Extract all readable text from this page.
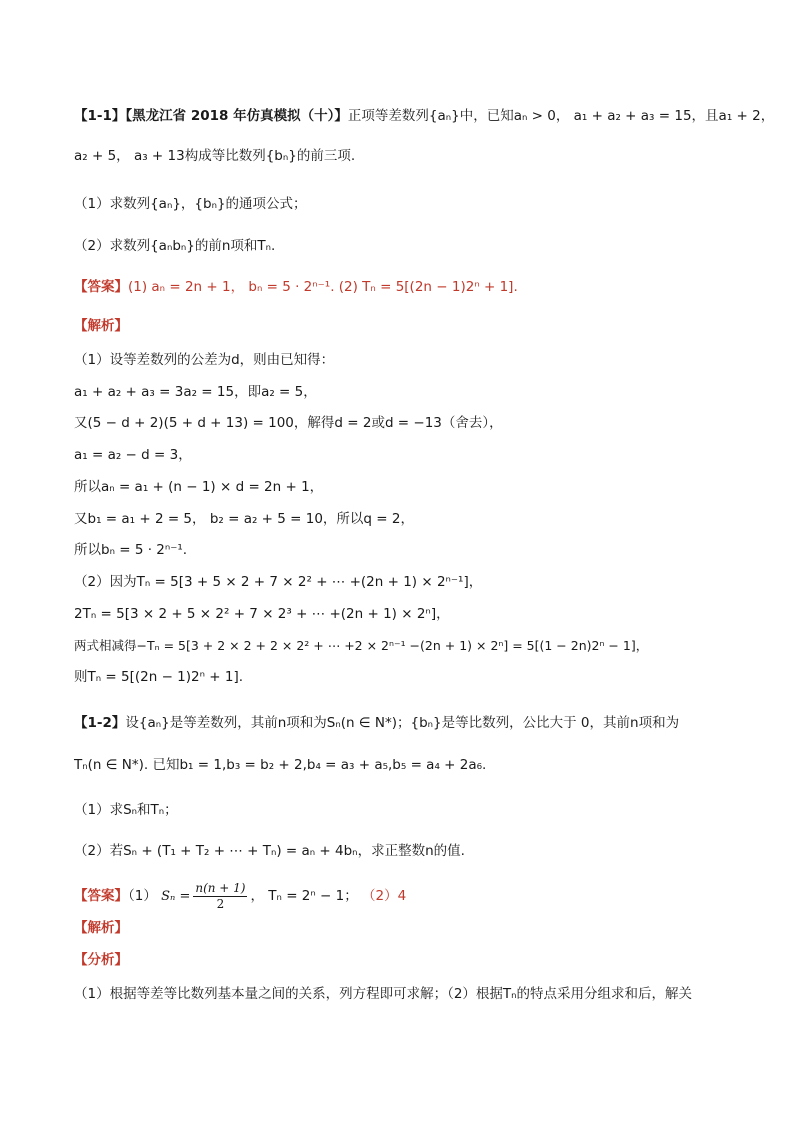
【1-1】【黑龙江省 2018 年仿真模拟（十）】正项等差数列{aₙ}中，已知aₙ > 0， a₁ + a₂ + a₃ = 15，且a₁ + 2，
a₂ + 5， a₃ + 13构成等比数列{bₙ}的前三项.
（1）求数列{aₙ}，{bₙ}的通项公式；
（2）求数列{aₙbₙ}的前n项和Tₙ.
【答案】(1) aₙ = 2n + 1， bₙ = 5 · 2ⁿ⁻¹. (2) Tₙ = 5[(2n − 1)2ⁿ + 1].
【解析】
（1）设等差数列的公差为d，则由已知得：
a₁ + a₂ + a₃ = 3a₂ = 15，即a₂ = 5，
又(5 − d + 2)(5 + d + 13) = 100，解得d = 2或d = −13（舍去），
a₁ = a₂ − d = 3，
所以aₙ = a₁ + (n − 1) × d = 2n + 1，
又b₁ = a₁ + 2 = 5， b₂ = a₂ + 5 = 10，所以q = 2，
所以bₙ = 5 · 2ⁿ⁻¹.
（2）因为Tₙ = 5[3 + 5 × 2 + 7 × 2² + ⋯ +(2n + 1) × 2ⁿ⁻¹]，
2Tₙ = 5[3 × 2 + 5 × 2² + 7 × 2³ + ⋯ +(2n + 1) × 2ⁿ]，
两式相减得−Tₙ = 5[3 + 2 × 2 + 2 × 2² + ⋯ +2 × 2ⁿ⁻¹ −(2n + 1) × 2ⁿ] = 5[(1 − 2n)2ⁿ − 1]，
则Tₙ = 5[(2n − 1)2ⁿ + 1].
【1-2】设{aₙ}是等差数列，其前n项和为Sₙ(n ∈ N*)；{bₙ}是等比数列，公比大于 0，其前n项和为
Tₙ(n ∈ N*). 已知b₁ = 1,b₃ = b₂ + 2,b₄ = a₃ + a₅,b₅ = a₄ + 2a₆.
（1）求Sₙ和Tₙ；
（2）若Sₙ + (T₁ + T₂ + ⋯ + Tₙ) = aₙ + 4bₙ，求正整数n的值.
【答案】（1） $S_n = \frac{n(n + 1)}{2}$ ， Tₙ = 2ⁿ − 1； （2）4
【解析】
【分析】
（1）根据等差等比数列基本量之间的关系，列方程即可求解；（2）根据Tₙ的特点采用分组求和后，解关
